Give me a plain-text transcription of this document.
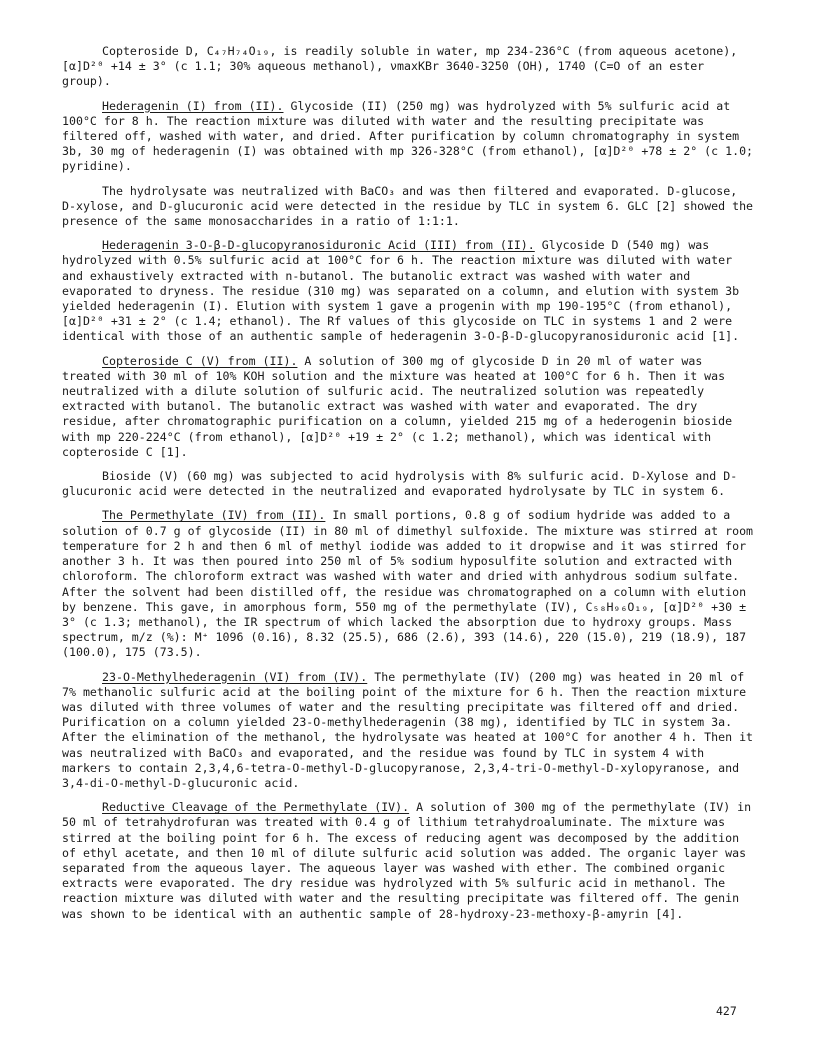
Copteroside D, C₄₇H₇₄O₁₉, is readily soluble in water, mp 234-236°C (from aqueous acetone), [α]D²⁰ +14 ± 3° (c 1.1; 30% aqueous methanol), νmaxKBr 3640-3250 (OH), 1740 (C=O of an ester group).

Hederagenin (I) from (II). Glycoside (II) (250 mg) was hydrolyzed with 5% sulfuric acid at 100°C for 8 h. The reaction mixture was diluted with water and the resulting precipitate was filtered off, washed with water, and dried. After purification by column chromatography in system 3b, 30 mg of hederagenin (I) was obtained with mp 326-328°C (from ethanol), [α]D²⁰ +78 ± 2° (c 1.0; pyridine).

The hydrolysate was neutralized with BaCO₃ and was then filtered and evaporated. D-glucose, D-xylose, and D-glucuronic acid were detected in the residue by TLC in system 6. GLC [2] showed the presence of the same monosaccharides in a ratio of 1:1:1.

Hederagenin 3-O-β-D-glucopyranosiduronic Acid (III) from (II). Glycoside D (540 mg) was hydrolyzed with 0.5% sulfuric acid at 100°C for 6 h. The reaction mixture was diluted with water and exhaustively extracted with n-butanol. The butanolic extract was washed with water and evaporated to dryness. The residue (310 mg) was separated on a column, and elution with system 3b yielded hederagenin (I). Elution with system 1 gave a progenin with mp 190-195°C (from ethanol), [α]D²⁰ +31 ± 2° (c 1.4; ethanol). The Rf values of this glycoside on TLC in systems 1 and 2 were identical with those of an authentic sample of hederagenin 3-O-β-D-glucopyranosiduronic acid [1].

Copteroside C (V) from (II). A solution of 300 mg of glycoside D in 20 ml of water was treated with 30 ml of 10% KOH solution and the mixture was heated at 100°C for 6 h. Then it was neutralized with a dilute solution of sulfuric acid. The neutralized solution was repeatedly extracted with butanol. The butanolic extract was washed with water and evaporated. The dry residue, after chromatographic purification on a column, yielded 215 mg of a hederogenin bioside with mp 220-224°C (from ethanol), [α]D²⁰ +19 ± 2° (c 1.2; methanol), which was identical with copteroside C [1].

Bioside (V) (60 mg) was subjected to acid hydrolysis with 8% sulfuric acid. D-Xylose and D-glucuronic acid were detected in the neutralized and evaporated hydrolysate by TLC in system 6.

The Permethylate (IV) from (II). In small portions, 0.8 g of sodium hydride was added to a solution of 0.7 g of glycoside (II) in 80 ml of dimethyl sulfoxide. The mixture was stirred at room temperature for 2 h and then 6 ml of methyl iodide was added to it dropwise and it was stirred for another 3 h. It was then poured into 250 ml of 5% sodium hyposulfite solution and extracted with chloroform. The chloroform extract was washed with water and dried with anhydrous sodium sulfate. After the solvent had been distilled off, the residue was chromatographed on a column with elution by benzene. This gave, in amorphous form, 550 mg of the permethylate (IV), C₅₈H₉₆O₁₉, [α]D²⁰ +30 ± 3° (c 1.3; methanol), the IR spectrum of which lacked the absorption due to hydroxy groups. Mass spectrum, m/z (%): M⁺ 1096 (0.16), 8.32 (25.5), 686 (2.6), 393 (14.6), 220 (15.0), 219 (18.9), 187 (100.0), 175 (73.5).

23-O-Methylhederagenin (VI) from (IV). The permethylate (IV) (200 mg) was heated in 20 ml of 7% methanolic sulfuric acid at the boiling point of the mixture for 6 h. Then the reaction mixture was diluted with three volumes of water and the resulting precipitate was filtered off and dried. Purification on a column yielded 23-O-methylhederagenin (38 mg), identified by TLC in system 3a. After the elimination of the methanol, the hydrolysate was heated at 100°C for another 4 h. Then it was neutralized with BaCO₃ and evaporated, and the residue was found by TLC in system 4 with markers to contain 2,3,4,6-tetra-O-methyl-D-glucopyranose, 2,3,4-tri-O-methyl-D-xylopyranose, and 3,4-di-O-methyl-D-glucuronic acid.

Reductive Cleavage of the Permethylate (IV). A solution of 300 mg of the permethylate (IV) in 50 ml of tetrahydrofuran was treated with 0.4 g of lithium tetrahydroaluminate. The mixture was stirred at the boiling point for 6 h. The excess of reducing agent was decomposed by the addition of ethyl acetate, and then 10 ml of dilute sulfuric acid solution was added. The organic layer was separated from the aqueous layer. The aqueous layer was washed with ether. The combined organic extracts were evaporated. The dry residue was hydrolyzed with 5% sulfuric acid in methanol. The reaction mixture was diluted with water and the resulting precipitate was filtered off. The genin was shown to be identical with an authentic sample of 28-hydroxy-23-methoxy-β-amyrin [4].

427
